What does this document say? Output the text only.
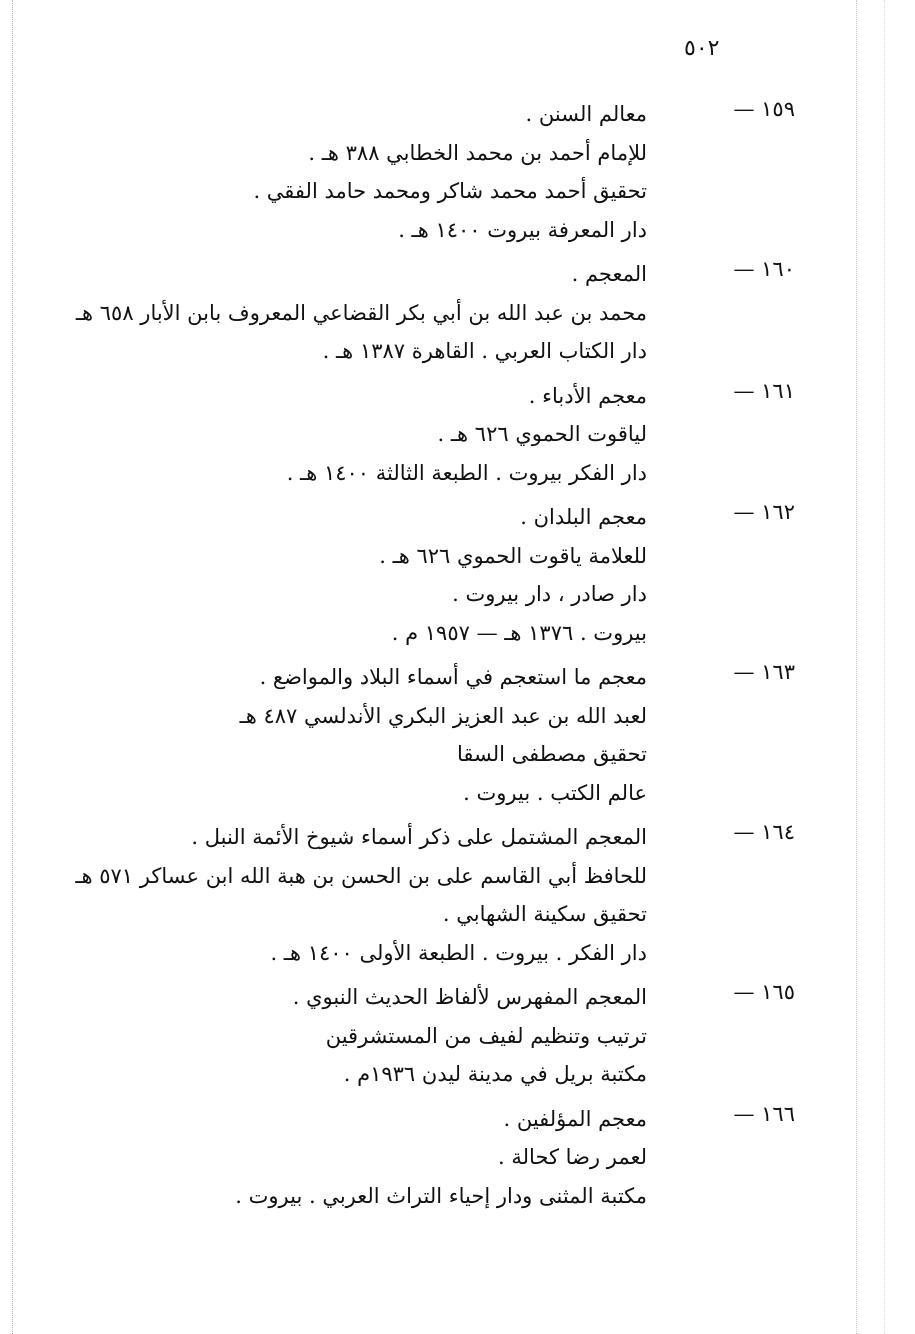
٥٠٢
١٥٩ —
معالم السنن .
للإمام أحمد بن محمد الخطابي ٣٨٨ هـ .
تحقيق أحمد محمد شاكر ومحمد حامد الفقي .
دار المعرفة بيروت ١٤٠٠ هـ .
١٦٠ —
المعجم .
محمد بن عبد الله بن أبي بكر القضاعي المعروف بابن الأبار ٦٥٨ هـ
دار الكتاب العربي . القاهرة ١٣٨٧ هـ .
١٦١ —
معجم الأدباء .
لياقوت الحموي ٦٢٦ هـ .
دار الفكر بيروت . الطبعة الثالثة ١٤٠٠ هـ .
١٦٢ —
معجم البلدان .
للعلامة ياقوت الحموي ٦٢٦ هـ .
دار صادر ، دار بيروت .
بيروت . ١٣٧٦ هـ — ١٩٥٧ م .
١٦٣ —
معجم ما استعجم في أسماء البلاد والمواضع .
لعبد الله بن عبد العزيز البكري الأندلسي ٤٨٧ هـ
تحقيق مصطفى السقا
عالم الكتب . بيروت .
١٦٤ —
المعجم المشتمل على ذكر أسماء شيوخ الأئمة النبل .
للحافظ أبي القاسم على بن الحسن بن هبة الله ابن عساكر ٥٧١ هـ
تحقيق سكينة الشهابي .
دار الفكر . بيروت . الطبعة الأولى ١٤٠٠ هـ .
١٦٥ —
المعجم المفهرس لألفاظ الحديث النبوي .
ترتيب وتنظيم لفيف من المستشرقين
مكتبة بريل في مدينة ليدن ١٩٣٦م .
١٦٦ —
معجم المؤلفين .
لعمر رضا كحالة .
مكتبة المثنى ودار إحياء التراث العربي . بيروت .
